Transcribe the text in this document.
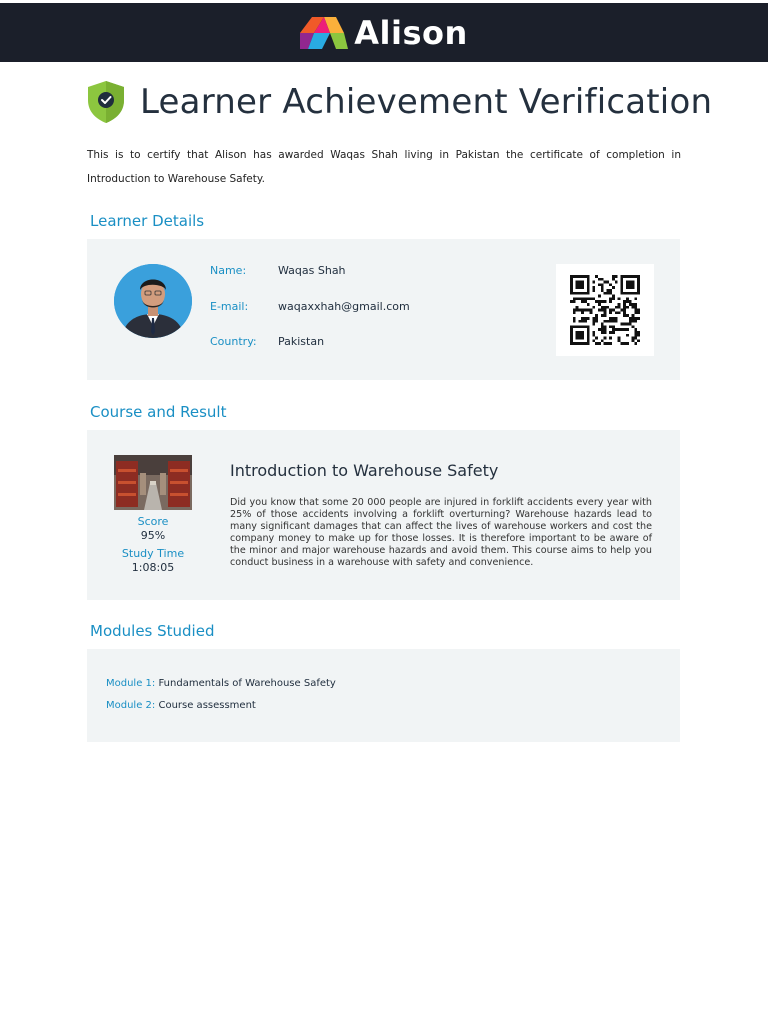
Alison
Learner Achievement Verification

This is to certify that Alison has awarded Waqas Shah living in Pakistan the certificate of completion in Introduction to Warehouse Safety.

Learner Details
Name:	Waqas Shah
E-mail:	waqaxxhah@gmail.com
Country: Pakistan
Course and Result
Score
95%
Study Time
1:08:05
Introduction to Warehouse Safety

Did you know that some 20 000 people are injured in forklift accidents every year with 25% of those accidents involving a forklift overturning? Warehouse hazards lead to many significant damages that can affect the lives of warehouse workers and cost the company money to make up for those losses. It is therefore important to be aware of the minor and major warehouse hazards and avoid them. This course aims to help you conduct business in a warehouse with safety and convenience.

Modules Studied
Module 1: Fundamentals of Warehouse Safety
Module 2: Course assessment
